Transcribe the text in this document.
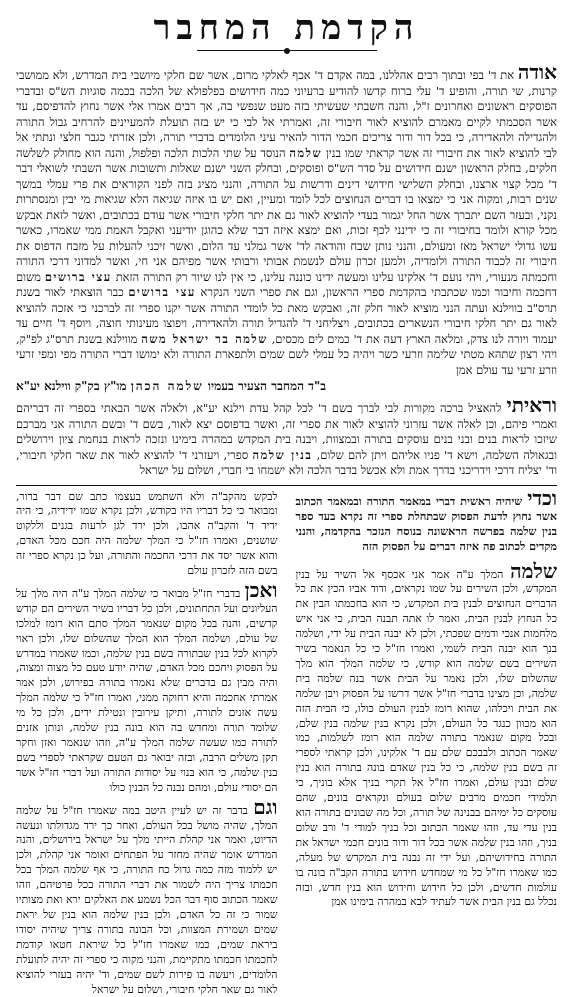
הקדמת המחבר
אודה את ד' בפי ובתוך רבים אהללנו, במה אקדם ד' אכף לאלקי מרום, אשר שם חלקי מיושבי בית המדרש, ולא ממושבי קרנות, שי תורה, והופיע ד' עלי ברוח קדשו להודיע ברעיוני כמה חידושים בפלפולא של הלכה בכמה סוגיות הש"ס ובדברי הפוסקים ראשונים ואחרונים ז"ל, והנה חשבתי שעשיתי בזה מעט שנפשי בה, אך רבים אמרו אלי אשר נחוץ להדפיסם, עד אשר הסכמתי לקיים מאמרם להוציא לאור חיבורי זה, ואמרתי אל לבי כי יש בזה תועלת להמעיינים להרחיב גבול התורה ולהגדילה ולהאדירה, כי בכל דור ודור צריכים חכמי הדור להאיר עיני הלומדים בדברי תורה, ולכן אזרתי כגבר חלצי ונתתי אל לבי להוציא לאור את חיבורי זה אשר קראתי שמו בנין שלמה הנוסד על שתי הלכות הלכה ופלפול, והנה הוא מחולק לשלשה חלקים, בחלק הראשון ישנם חידושים על סדר הש"ס ופוסקים, ובחלק השני ישנם שאלות ותשובות אשר השבתי לשואלי דבר ד' מכל קצוי ארצנו, ובחלק השלישי חידושי דינים ודרשות על התורה, והנני מציג בזה לפני הקוראים את פרי עמלי במשך שנים רבות, ומקוה אני כי ימצאו בו דברים הנחוצים לכל לומד ומעיין, ואם יש בו איזה שגיאה הלא שגיאות מי יבין ומנסתרות נקני, ובעזר השם יתברך אשר החל יגמור בעדי להוציא לאור גם את יתר חלקי חיבורי אשר עודם בכתובים, ואשר לזאת אבקש מכל קורא ולומד בחיבורי זה כי ידינני לכף זכות, ואם ימצא איזה דבר שלא כהוגן יודיעני ואקבל האמת ממי שאמרו, כאשר עשו גדולי ישראל מאז ומעולם, והנני נותן שבח והודאה לד' אשר גמלני עד הלום, ואשר זיכני להעלות על מזבח הדפוס את חיבורי זה לכבוד התורה ולומדיה, ולמען זכרון עולם לנשמת אבותי ורבותי אשר מפיהם אני חי, ואשר למדוני דרכי התורה וחכמתה מנעורי, ויהי נועם ד' אלקינו עלינו ומעשה ידינו כוננה עלינו, כי אין לנו שיור רק התורה הזאת עצי ברושים משום דחכמה וחיבור וכמו שכתבתי בהקדמת ספרי הראשון, וגם את ספרי השני הנקרא עצי ברושים כבר הוצאתי לאור בשנת תרס"ב בווילנא ועתה הנני מוציא לאור חלק זה, ואבקש מאת כל לומדי התורה אשר יקנו ספרי זה לברכני כי אזכה להוציא לאור גם יתר חלקי חיבורי הנשארים בכתובים, ויצליחני ד' להגדיל תורה ולהאדירה, ויפוצו מעינותי חוצה, ויוסף ד' חיים עד יעמוד ויורה לנו צדק, ומלאה הארץ דעה את ד' כמים לים מכסים, שלמה בר ישראל משה מווילנא בשנת תרס"ג לפ"ק, ויהי רצון שתהא מטתי שלימה וזרעי כשר ויהיה כל עמלי לשם שמים ולתפארת התורה ולא ימושו דברי התורה מפי ומפי זרעי וזרע זרעי עד עולם אמן
ב"ד המחבר הצעיר בעמיו שלמה הכהן מו"ץ בק"ק ווילנא יע"א
וראיתי להאציל ברכה מקורות לבי לברך בשם ד' לכל קהל עדת וילנא יע"א, ולאלה אשר הבאתי בספרי זה דבריהם ואמרי פיהם, וכן לאלה אשר עזרוני להוציא לאור את ספרי זה, ואשר בדפוסם יצא לאור, בשם ד' ובשם התורה אני מברכם שיזכו לראות בנים ובני בנים עוסקים בתורה ובמצוות, ויבנה בית המקדש במהרה בימינו ונזכה לראות בנחמת ציון וירושלים ובגאולה השלמה, וישא ד' פניו אליהם ויתן להם שלום, בנין שלמה ספרי, ויעזרני ד' להוציא לאור את שאר חלקי חיבורי, וד' יצליח דרכי וידריכני בדרך אמת ולא אכשל בדבר הלכה ולא ישמחו בי חברי, ושלום על ישראל
וכדי שיהיה ראשית דברי במאמר התורה ובמאמר הכתוב אשר נחוץ לדעת הפסוק שבתחלת ספרי זה נקרא בעד ספר בנין שלמה בפרשה הראשונה בנוסח הנזכר בהקדמה, והנני מקדים לכתוב פה איזה דברים על הפסוק הזה
שלמה המלך ע"ה אמר אני אכסף אל השיר על בנין המקדש, ולכן השירים על שמו נקראים, ודוד אביו הכין את כל הדברים הנחוצים לבנין בית המקדש, כי הוא בחכמתו הבין את כל הנחוץ לבנין הבית, ואמר לו אתה תבנה הבית, כי אני איש מלחמות אנכי ודמים שפכתי, ולכן לא יבנה הבית על ידי, ושלמה בנך הוא יבנה הבית לשמי, ואמרו חז"ל כי כל הנאמר בשיר השירים בשם שלמה הוא קודש, כי שלמה המלך הוא מלך שהשלום שלו, ולכן נאמר על הבית אשר בנה שלמה בית שלמה, וכן מצינו בדברי חז"ל אשר דרשו על הפסוק ויבן שלמה את הבית ויכלהו, שהוא רומז לבנין העולם כולו, כי הבית הזה הוא מכוון כנגד כל העולם, ולכן נקרא בנין שלמה בנין שלם, ובכל מקום שנאמר בתורה שלמה הוא רומז לשלמות, כמו שאמר הכתוב ולבבכם שלם עם ד' אלקינו, ולכן קראתי לספרי זה בשם בנין שלמה, כי כל בנין שאדם בונה בתורה הוא בנין שלם ובנין עולם, ואמרו חז"ל אל תקרי בניך אלא בוניך, כי תלמידי חכמים מרבים שלום בעולם ונקראים בונים, שהם עוסקים כל ימיהם בבנינה של תורה, וכל מה שבונים בתורה הוא בנין עדי עד, וזהו שאמר הכתוב וכל בניך למודי ד' ורב שלום בניך, וזהו בנין שלמה אשר בכל דור ודור בונים חכמי ישראל את התורה בחידושיהם, ועל ידי זה נבנה בית המקדש של מעלה, כמו שאמרו חז"ל כל מי שמחדש חידוש בתורה הקב"ה בונה בו עולמות חדשים, ולכן כל חידוש וחידוש הוא בנין חדש, ובזה נכלל גם בנין הבית אשר לעתיד לבא במהרה בימינו אמן
לבקש מהקב"ה ולא השתמש בעצמו כתב שם דבר ברור, ומבואר כי כל דבריו היו בקודש, ולכן נקרא שמו ידידיה, כי היה ידיד ד' והקב"ה אהבו, ולכן ירד לגן לרעות בגנים וללקוט שושנים, ואמרו חז"ל כי המלך שלמה היה חכם מכל האדם, והוא אשר יסד את דרכי החכמה והתורה, ועל כן נקרא ספרי זה בשם הזה לזכרון עולם
ואכן בדברי חז"ל מבואר כי שלמה המלך ע"ה היה מלך על העליונים ועל התחתונים, ולכן כל דבריו בשיר השירים הם קודש קדשים, והנה בכל מקום שנאמר המלך סתם הוא רומז למלכו של עולם, ושלמה המלך הוא המלך שהשלום שלו, ולכן ראוי לקרוא לכל בנין שבתורה בשם בנין שלמה, וכמו שאמרו במדרש על הפסוק ויחכם מכל האדם, שהיה יודע טעם כל מצוה ומצוה, והיה מבין גם בדברים שלא נאמרו בתורה בפירוש, ולכן אמר אמרתי אחכמה והיא רחוקה ממני, ואמרו חז"ל כי שלמה המלך עשה אזנים לתורה, ותיקן עירובין ונטילת ידים, ולכן כל מי שלומד תורה ומחדש בה הוא בונה בנין שלמה, ונותן אזנים לתורה כמו שעשה שלמה המלך ע"ה, וזהו שנאמר ואזן וחקר תקן משלים הרבה, ובזה יבואר גם הטעם שקראתי לספרי בשם בנין שלמה, כי הוא בנוי על יסודות התורה ועל דברי חז"ל אשר הם יסודי עולם, ומהם נבנה כל הבנין כולו
וגם בדבר זה יש לעיין היטב במה שאמרו חז"ל על שלמה המלך, שהיה מושל בכל העולם, ואחר כך ירד מגדולתו ונעשה הדיוט, ואמר אני קהלת הייתי מלך על ישראל בירושלים, והנה המדרש אומר שהיה מחזר על הפתחים ואומר אני קהלת, ולכן יש ללמוד מזה כמה גדול כח התורה, כי אף שלמה המלך בכל חכמתו צריך היה לשמור את דברי התורה בכל פרטיהם, וזהו שאמר הכתוב סוף דבר הכל נשמע את האלקים ירא ואת מצותיו שמור כי זה כל האדם, ולכן בנין שלמה הוא בנין של יראת שמים ושמירת המצוות, וכל הבונה בתורה צריך שיהיה יסודו ביראת שמים, כמו שאמרו חז"ל כל שיראת חטאו קודמת לחכמתו חכמתו מתקיימת, והנני מקוה כי ספרי זה יהיה לתועלת הלומדים, ויעשה בו פירות לשם שמים, וד' יהיה בעזרי להוציא לאור גם שאר חלקי חיבורי, ושלום על ישראל
